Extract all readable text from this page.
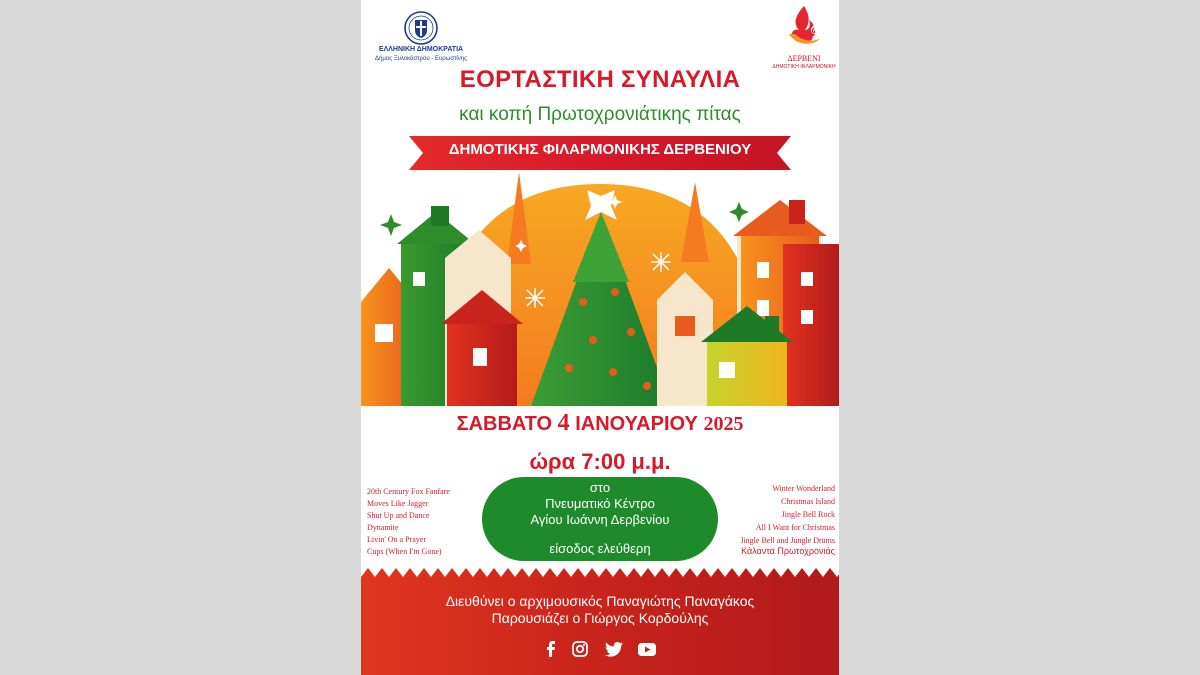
ΕΛΛΗΝΙΚΗ ΔΗΜΟΚΡΑΤΙΑ
Δήμος Ξυλοκάστρου - Ευρωστίνης
𝄞
ΔΕΡΒΕΝΙ
ΔΗΜΟΤΙΚΗ ΦΙΛΑΡΜΟΝΙΚΗ
ΕΟΡΤΑΣΤΙΚΗ ΣΥΝΑΥΛΙΑ
και κοπή Πρωτοχρονιάτικης πίτας
ΔΗΜΟΤΙΚΗΣ ΦΙΛΑΡΜΟΝΙΚΗΣ ΔΕΡΒΕΝΙΟΥ
ΣΑΒΒΑΤΟ 4 ΙΑΝΟΥΑΡΙΟΥ 2025
ώρα 7:00 μ.μ.
20th Century Fox Fanfare
Moves Like Jagger
Shut Up and Dance
Dynamite
Livin' On a Prayer
Cups (When I'm Gone)
Winter Wonderland
Christmas Island
Jingle Bell Rock
All I Want for Christmas
Jingle Bell and Jungle Drums
Κάλαντα Πρωτοχρονιάς
στο
Πνευματικό Κέντρο
Αγίου Ιωάννη Δερβενίου
είσοδος ελεύθερη
Διευθύνει ο αρχιμουσικός Παναγιώτης Παναγάκος
Παρουσιάζει ο Γιώργος Κορδούλης
